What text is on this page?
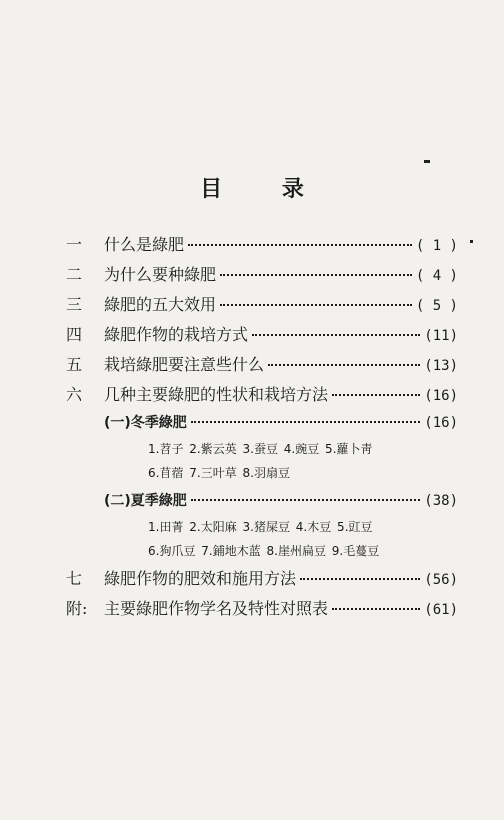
目 录
一	什么是綠肥	( 1 )
二	为什么要种綠肥	( 4 )
三	綠肥的五大效用	( 5 )
四	綠肥作物的栽培方式	(11)
五	栽培綠肥要注意些什么	(13)
六	几种主要綠肥的性状和栽培方法	(16)
(一)冬季綠肥	(16)
1.苕子 2.紫云英 3.蚕豆 4.豌豆 5.蘿卜靑
6.苜蓿 7.三叶草 8.羽扇豆
(二)夏季綠肥	(38)
1.田菁 2.太阳麻 3.猪屎豆 4.木豆 5.豇豆
6.狗爪豆 7.鋪地木蓝 8.崖州扁豆 9.毛蔓豆
七	綠肥作物的肥效和施用方法	(56)
附:	主要綠肥作物学名及特性对照表	(61)
